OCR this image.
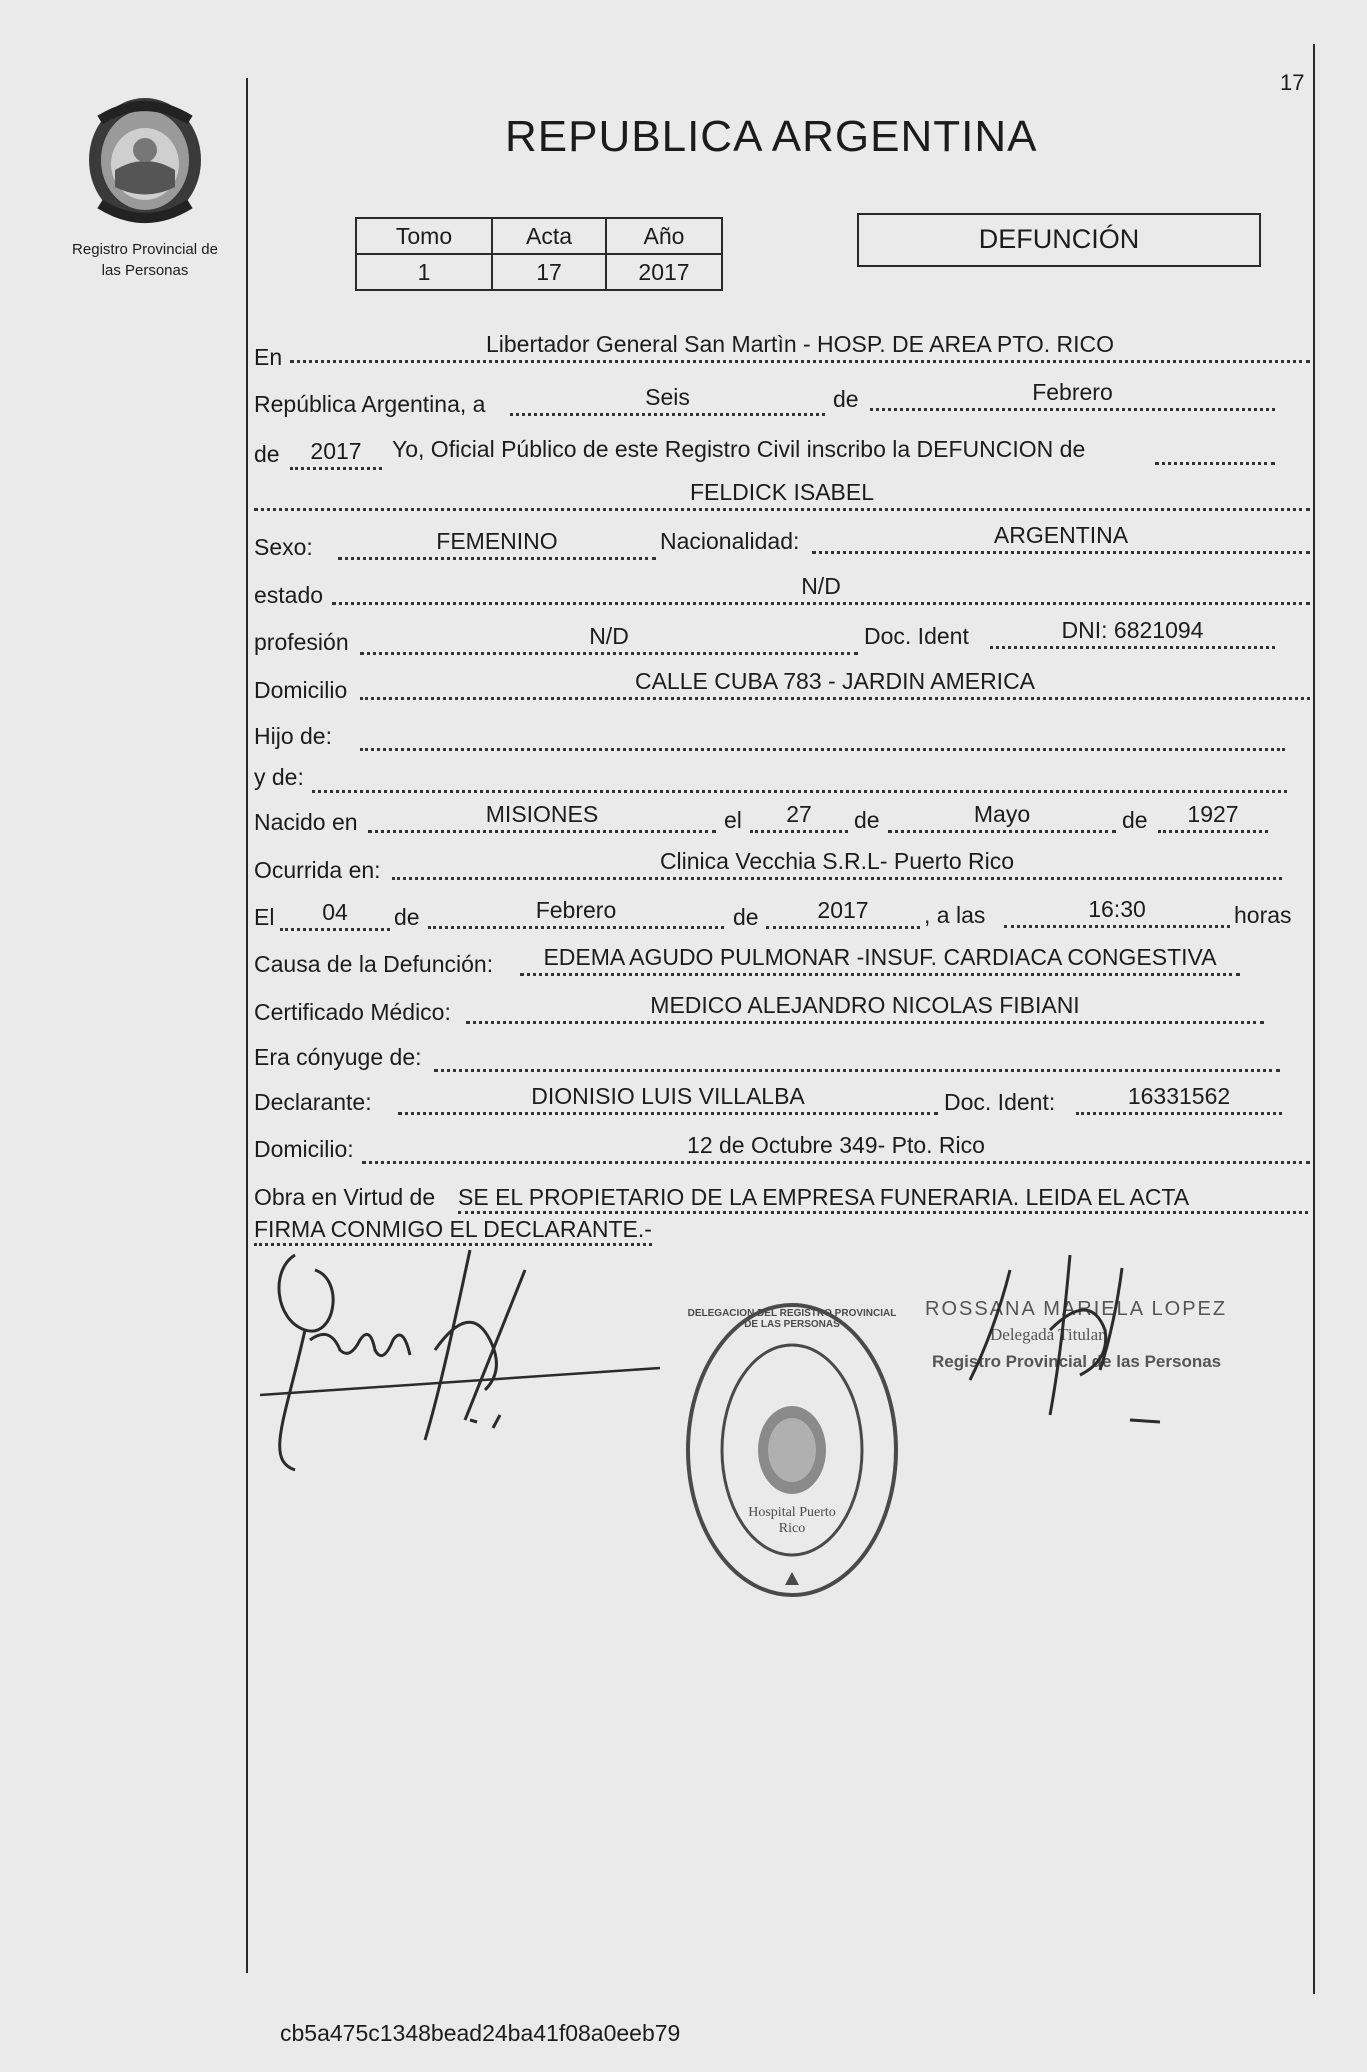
17
Registro Provincial de
las Personas
REPUBLICA ARGENTINA
Tomo	Acta	Año
1	17	2017
DEFUNCIÓN
En	Libertador General San Martìn - HOSP. DE AREA PTO. RICO
República Argentina, a	Seis	de	Febrero
de	2017	Yo, Oficial Público de este Registro Civil inscribo la DEFUNCION de
FELDICK ISABEL
Sexo:	FEMENINO	Nacionalidad:	ARGENTINA
estado	N/D
profesión	N/D	Doc. Ident	DNI: 6821094
Domicilio	CALLE CUBA 783 - JARDIN AMERICA
Hijo de:
y de:
Nacido en	MISIONES	el	27	de	Mayo	de	1927
Ocurrida en:	Clinica Vecchia S.R.L- Puerto Rico
El	04	de	Febrero	de	2017	, a las	16:30	horas
Causa de la Defunción:	EDEMA AGUDO PULMONAR -INSUF. CARDIACA CONGESTIVA
Certificado Médico:	MEDICO ALEJANDRO NICOLAS FIBIANI
Era cónyuge de:
Declarante:	DIONISIO LUIS VILLALBA	Doc. Ident:	16331562
Domicilio:	12 de Octubre 349- Pto. Rico
Obra en Virtud de SE EL PROPIETARIO DE LA EMPRESA FUNERARIA. LEIDA EL ACTA
FIRMA CONMIGO EL DECLARANTE.-
DELEGACION DEL REGISTRO PROVINCIAL DE LAS PERSONAS
Hospital Puerto Rico
ROSSANA MARIELA LOPEZ
Delegada Titular
Registro Provincial de las Personas
cb5a475c1348bead24ba41f08a0eeb79
